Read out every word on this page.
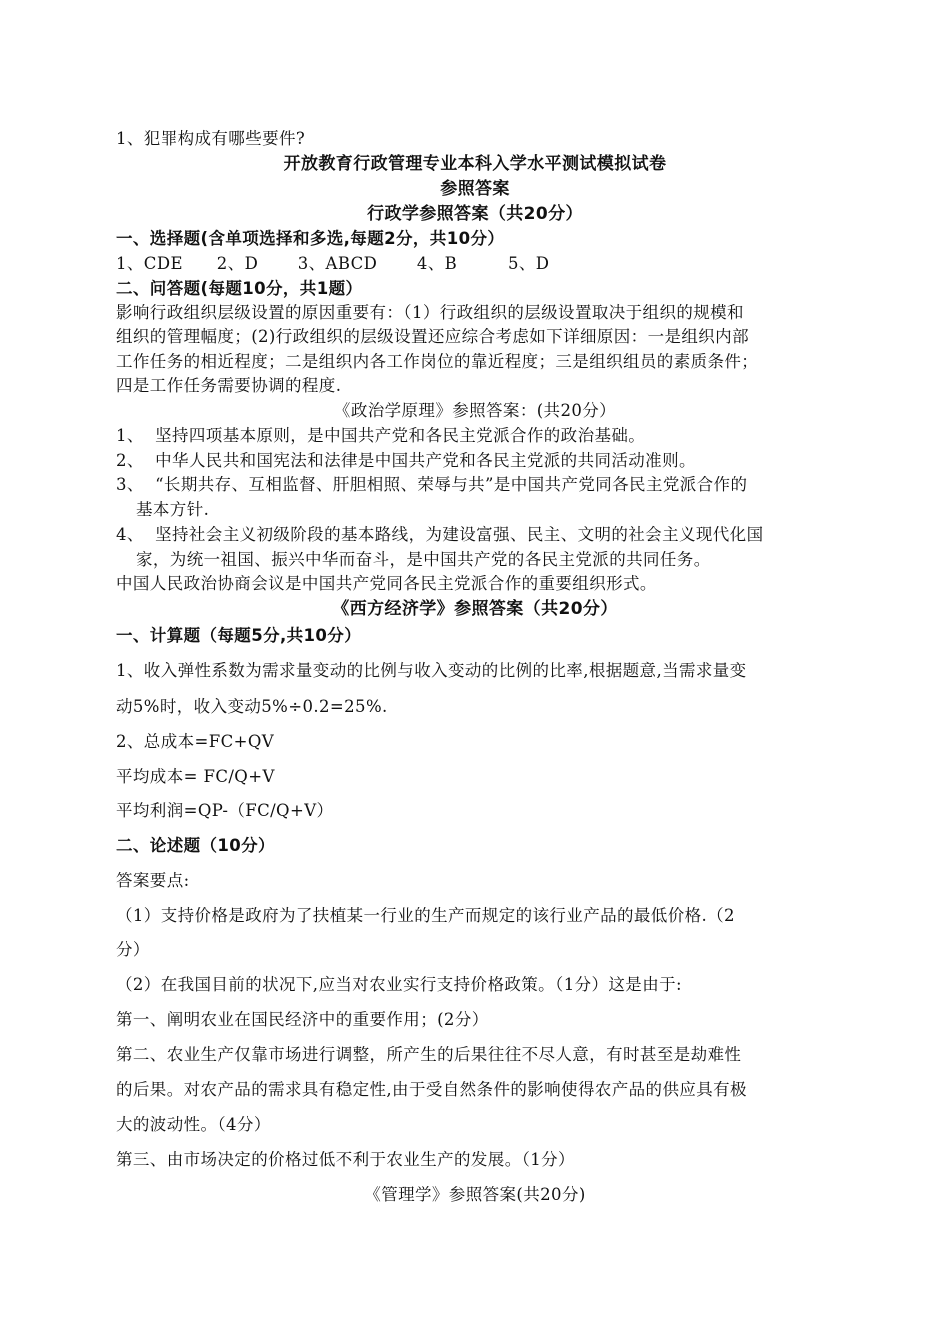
1、犯罪构成有哪些要件?
开放教育行政管理专业本科入学水平测试模拟试卷
参照答案
行政学参照答案（共20分）
一、选择题(含单项选择和多选,每题2分，共10分）
1、CDE      2、D       3、ABCD       4、B         5、D
二、问答题(每题10分，共1题）
影响行政组织层级设置的原因重要有：（1）行政组织的层级设置取决于组织的规模和
组织的管理幅度；(2)行政组织的层级设置还应综合考虑如下详细原因：一是组织内部
工作任务的相近程度；二是组织内各工作岗位的靠近程度；三是组织组员的素质条件；
四是工作任务需要协调的程度.
《政治学原理》参照答案：(共20分）
1、  坚持四项基本原则，是中国共产党和各民主党派合作的政治基础。
2、  中华人民共和国宪法和法律是中国共产党和各民主党派的共同活动准则。
3、  “长期共存、互相监督、肝胆相照、荣辱与共”是中国共产党同各民主党派合作的
基本方针.
4、  坚持社会主义初级阶段的基本路线，为建设富强、民主、文明的社会主义现代化国
家，为统一祖国、振兴中华而奋斗，是中国共产党的各民主党派的共同任务。
中国人民政治协商会议是中国共产党同各民主党派合作的重要组织形式。
《西方经济学》参照答案（共20分）
一、计算题（每题5分,共10分）
1、收入弹性系数为需求量变动的比例与收入变动的比例的比率,根据题意,当需求量变
动5%时，收入变动5%÷0.2=25%.
2、总成本=FC+QV
平均成本= FC/Q+V
平均利润=QP-（FC/Q+V）
二、论述题（10分）
答案要点:
（1）支持价格是政府为了扶植某一行业的生产而规定的该行业产品的最低价格.（2
分）
（2）在我国目前的状况下,应当对农业实行支持价格政策。（1分）这是由于:
第一、阐明农业在国民经济中的重要作用；(2分）
第二、农业生产仅靠市场进行调整，所产生的后果往往不尽人意，有时甚至是劫难性
的后果。对农产品的需求具有稳定性,由于受自然条件的影响使得农产品的供应具有极
大的波动性。（4分）
第三、由市场决定的价格过低不利于农业生产的发展。（1分）
《管理学》参照答案(共20分)
